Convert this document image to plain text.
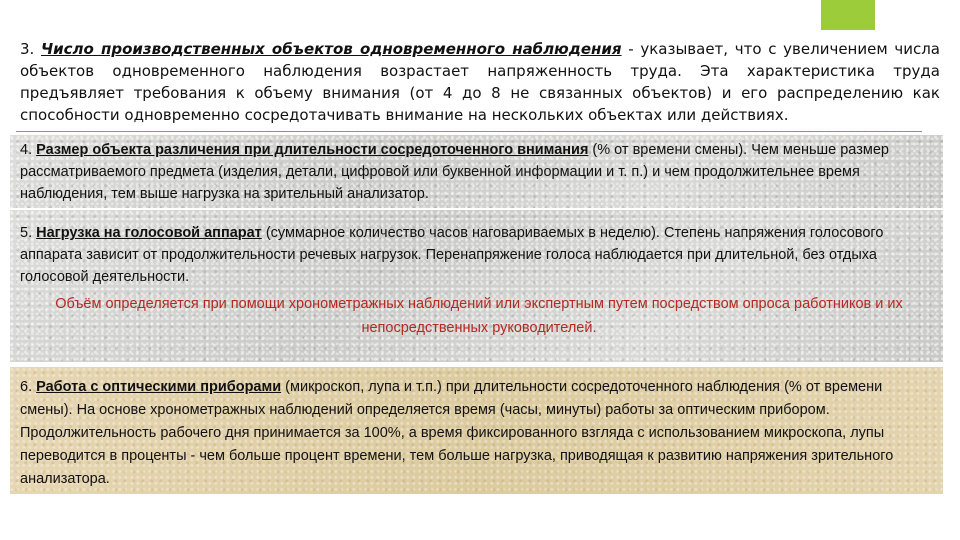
3. Число производственных объектов одновременного наблюдения - указывает, что с увеличением числа объектов одновременного наблюдения возрастает напряженность труда. Эта характеристика труда предъявляет требования к объему внимания (от 4 до 8 не связанных объектов) и его распределению как способности одновременно сосредотачивать внимание на нескольких объектах или действиях.
4. Размер объекта различения при длительности сосредоточенного внимания (% от времени смены). Чем меньше размер рассматриваемого предмета (изделия, детали, цифровой или буквенной информации и т. п.) и чем продолжительнее время наблюдения, тем выше нагрузка на зрительный анализатор.
5. Нагрузка на голосовой аппарат (суммарное количество часов наговариваемых в неделю). Степень напряжения голосового аппарата зависит от продолжительности речевых нагрузок. Перенапряжение голоса наблюдается при длительной, без отдыха голосовой деятельности.
Объём определяется при помощи хронометражных наблюдений или экспертным путем посредством опроса работников и их непосредственных руководителей.
6. Работа с оптическими приборами (микроскоп, лупа и т.п.) при длительности сосредоточенного наблюдения (% от времени смены). На основе хронометражных наблюдений определяется время (часы, минуты) работы за оптическим прибором. Продолжительность рабочего дня принимается за 100%, а время фиксированного взгляда с использованием микроскопа, лупы переводится в проценты - чем больше процент времени, тем больше нагрузка, приводящая к развитию напряжения зрительного анализатора.
